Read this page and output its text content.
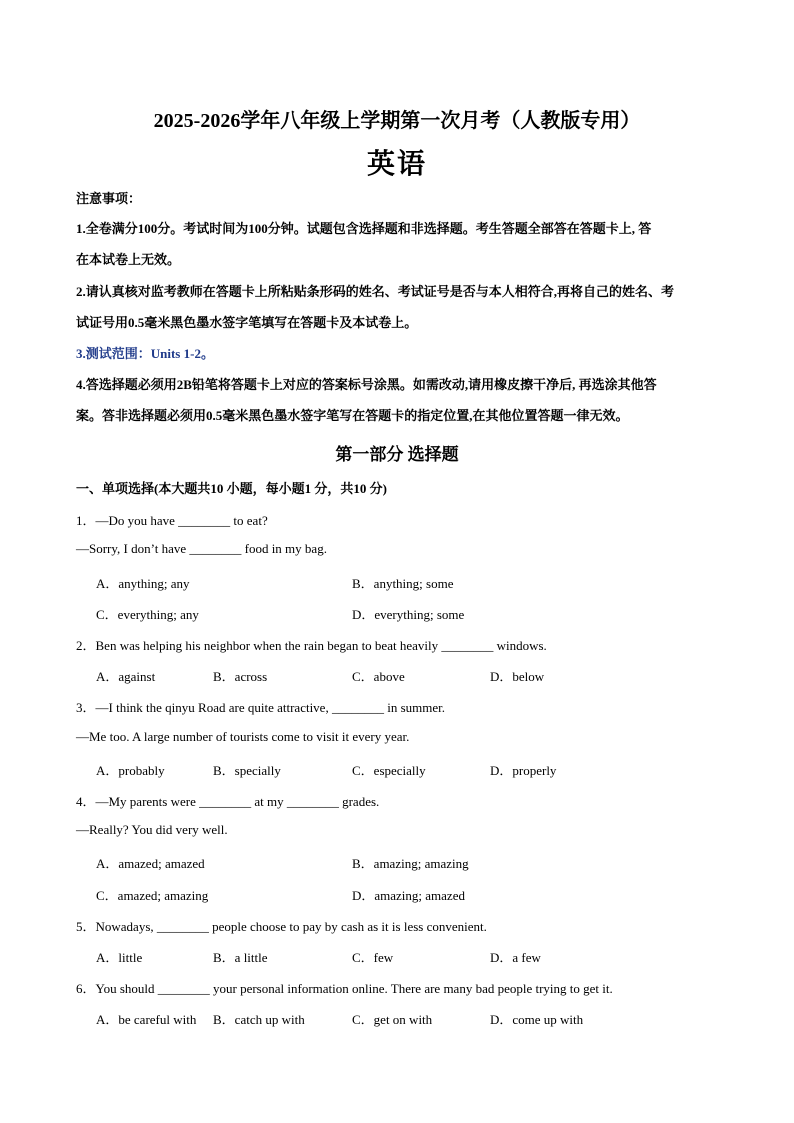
2025-2026学年八年级上学期第一次月考（人教版专用）
英语
注意事项：
1.全卷满分100分。考试时间为100分钟。试题包含选择题和非选择题。考生答题全部答在答题卡上, 答
在本试卷上无效。
2.请认真核对监考教师在答题卡上所粘贴条形码的姓名、考试证号是否与本人相符合,再将自己的姓名、考
试证号用0.5毫米黑色墨水签字笔填写在答题卡及本试卷上。
3.测试范围：Units 1-2。
4.答选择题必须用2B铅笔将答题卡上对应的答案标号涂黑。如需改动,请用橡皮擦干净后, 再选涂其他答
案。答非选择题必须用0.5毫米黑色墨水签字笔写在答题卡的指定位置,在其他位置答题一律无效。
第一部分 选择题
一、单项选择(本大题共10 小题，每小题1 分，共10 分)
1．—Do you have ________ to eat?
—Sorry, I don’t have ________ food in my bag.
A．anything; any	B．anything; some
C．everything; any	D．everything; some
2．Ben was helping his neighbor when the rain began to beat heavily ________ windows.
A．against	B．across	C．above	D．below
3．—I think the qinyu Road are quite attractive, ________ in summer.
—Me too. A large number of tourists come to visit it every year.
A．probably	B．specially	C．especially	D．properly
4．—My parents were ________ at my ________ grades.
—Really? You did very well.
A．amazed; amazed	B．amazing; amazing
C．amazed; amazing	D．amazing; amazed
5．Nowadays, ________ people choose to pay by cash as it is less convenient.
A．little	B．a little	C．few	D．a few
6．You should ________ your personal information online. There are many bad people trying to get it.
A．be careful with B．catch up with	C．get on with	D．come up with
